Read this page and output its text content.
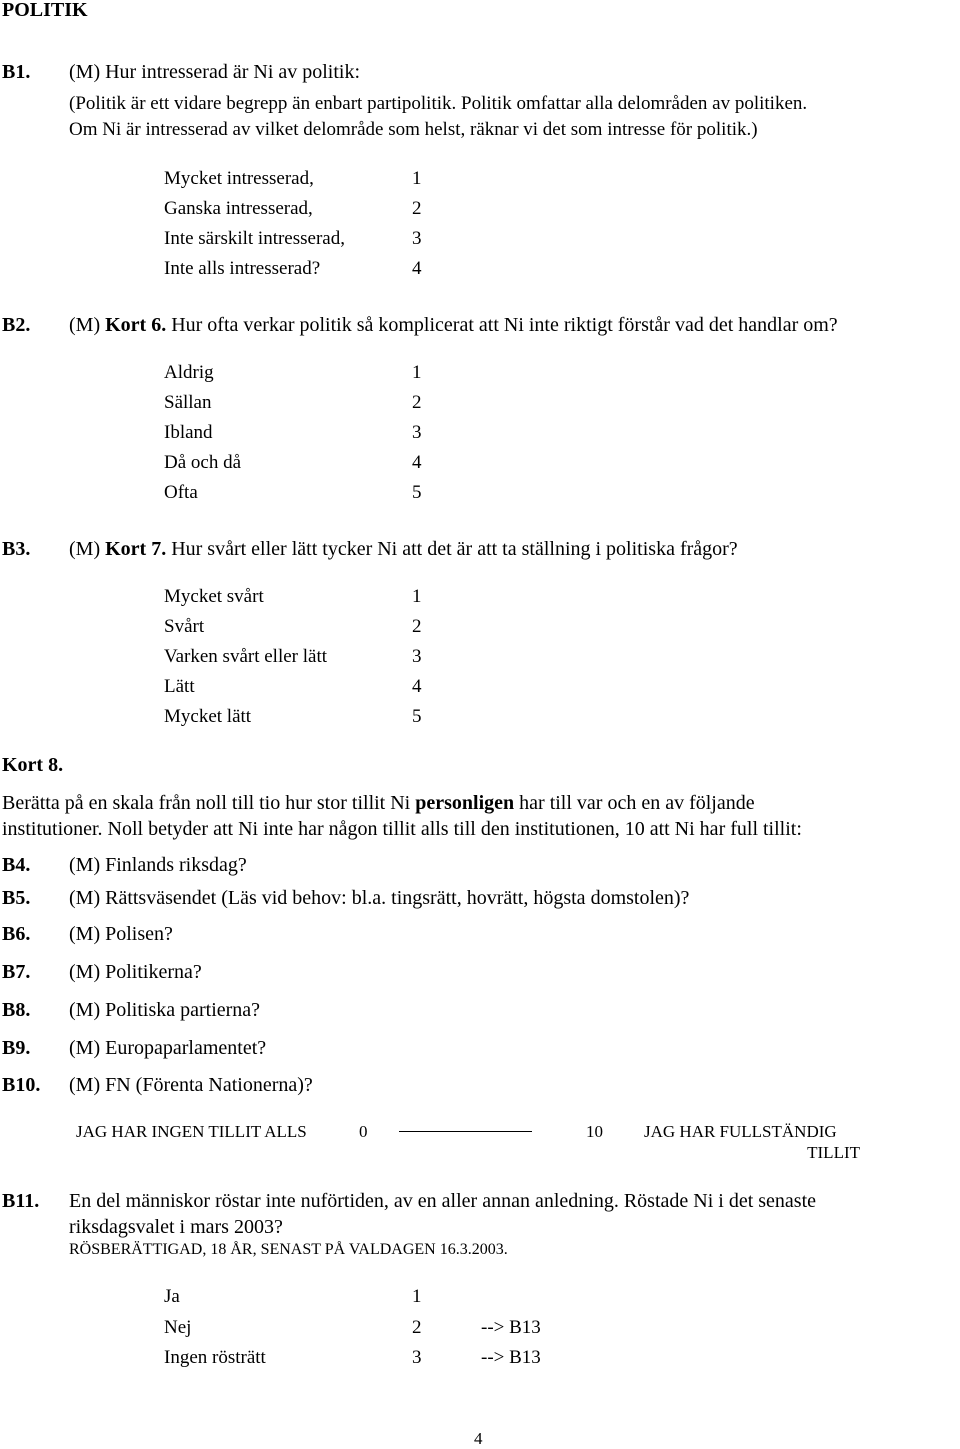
POLITIK
B1. (M) Hur intresserad är Ni av politik:
(Politik är ett vidare begrepp än enbart partipolitik. Politik omfattar alla delområden av politiken.
Om Ni är intresserad av vilket delområde som helst, räknar vi det som intresse för politik.)
Mycket intresserad,	1
Ganska intresserad,	2
Inte särskilt intresserad,	3
Inte alls intresserad?	4
B2. (M) Kort 6. Hur ofta verkar politik så komplicerat att Ni inte riktigt förstår vad det handlar om?
Aldrig	1
Sällan	2
Ibland	3
Då och då	4
Ofta	5
B3. (M) Kort 7. Hur svårt eller lätt tycker Ni att det är att ta ställning i politiska frågor?
Mycket svårt	1
Svårt	2
Varken svårt eller lätt	3
Lätt	4
Mycket lätt	5
Kort 8.
Berätta på en skala från noll till tio hur stor tillit Ni personligen har till var och en av följande
institutioner. Noll betyder att Ni inte har någon tillit alls till den institutionen, 10 att Ni har full tillit:
B4. (M) Finlands riksdag?
B5. (M) Rättsväsendet (Läs vid behov: bl.a. tingsrätt, hovrätt, högsta domstolen)?
B6. (M) Polisen?
B7. (M) Politikerna?
B8. (M) Politiska partierna?
B9. (M) Europaparlamentet?
B10. (M) FN (Förenta Nationerna)?
JAG HAR INGEN TILLIT ALLS	0	10 JAG HAR FULLSTÄNDIG
TILLIT
B11. En del människor röstar inte nuförtiden, av en aller annan anledning. Röstade Ni i det senaste
riksdagsvalet i mars 2003?
RÖSBERÄTTIGAD, 18 ÅR, SENAST PÅ VALDAGEN 16.3.2003.
Ja	1
Nej	2	--> B13
Ingen rösträtt	3	--> B13
4
